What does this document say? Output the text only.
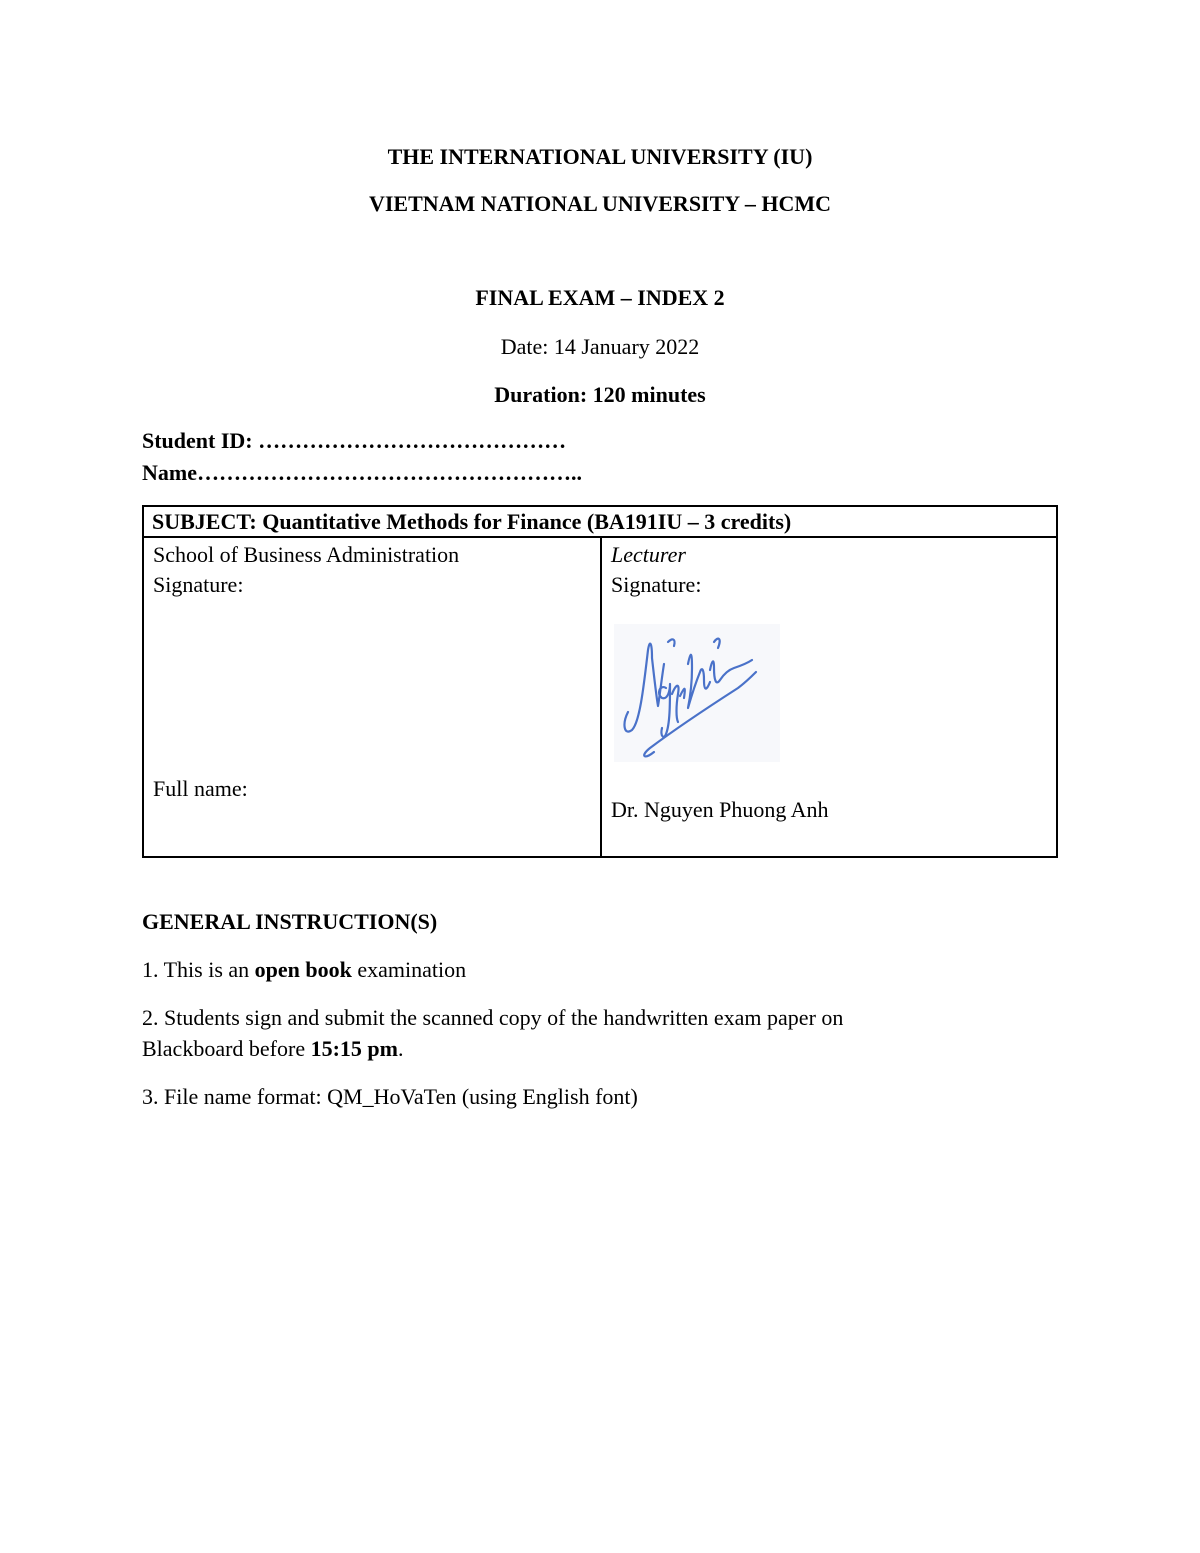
THE INTERNATIONAL UNIVERSITY (IU)
VIETNAM NATIONAL UNIVERSITY – HCMC
FINAL EXAM – INDEX 2
Date: 14 January 2022
Duration: 120 minutes
Student ID: ……………………………………
Name……………………………………………..
SUBJECT: Quantitative Methods for Finance (BA191IU – 3 credits)
School of Business Administration
Signature:
Full name:
Lecturer
Signature:
Dr. Nguyen Phuong Anh
GENERAL INSTRUCTION(S)
1. This is an open book examination
2. Students sign and submit the scanned copy of the handwritten exam paper on
Blackboard before 15:15 pm.
3. File name format: QM_HoVaTen (using English font)
